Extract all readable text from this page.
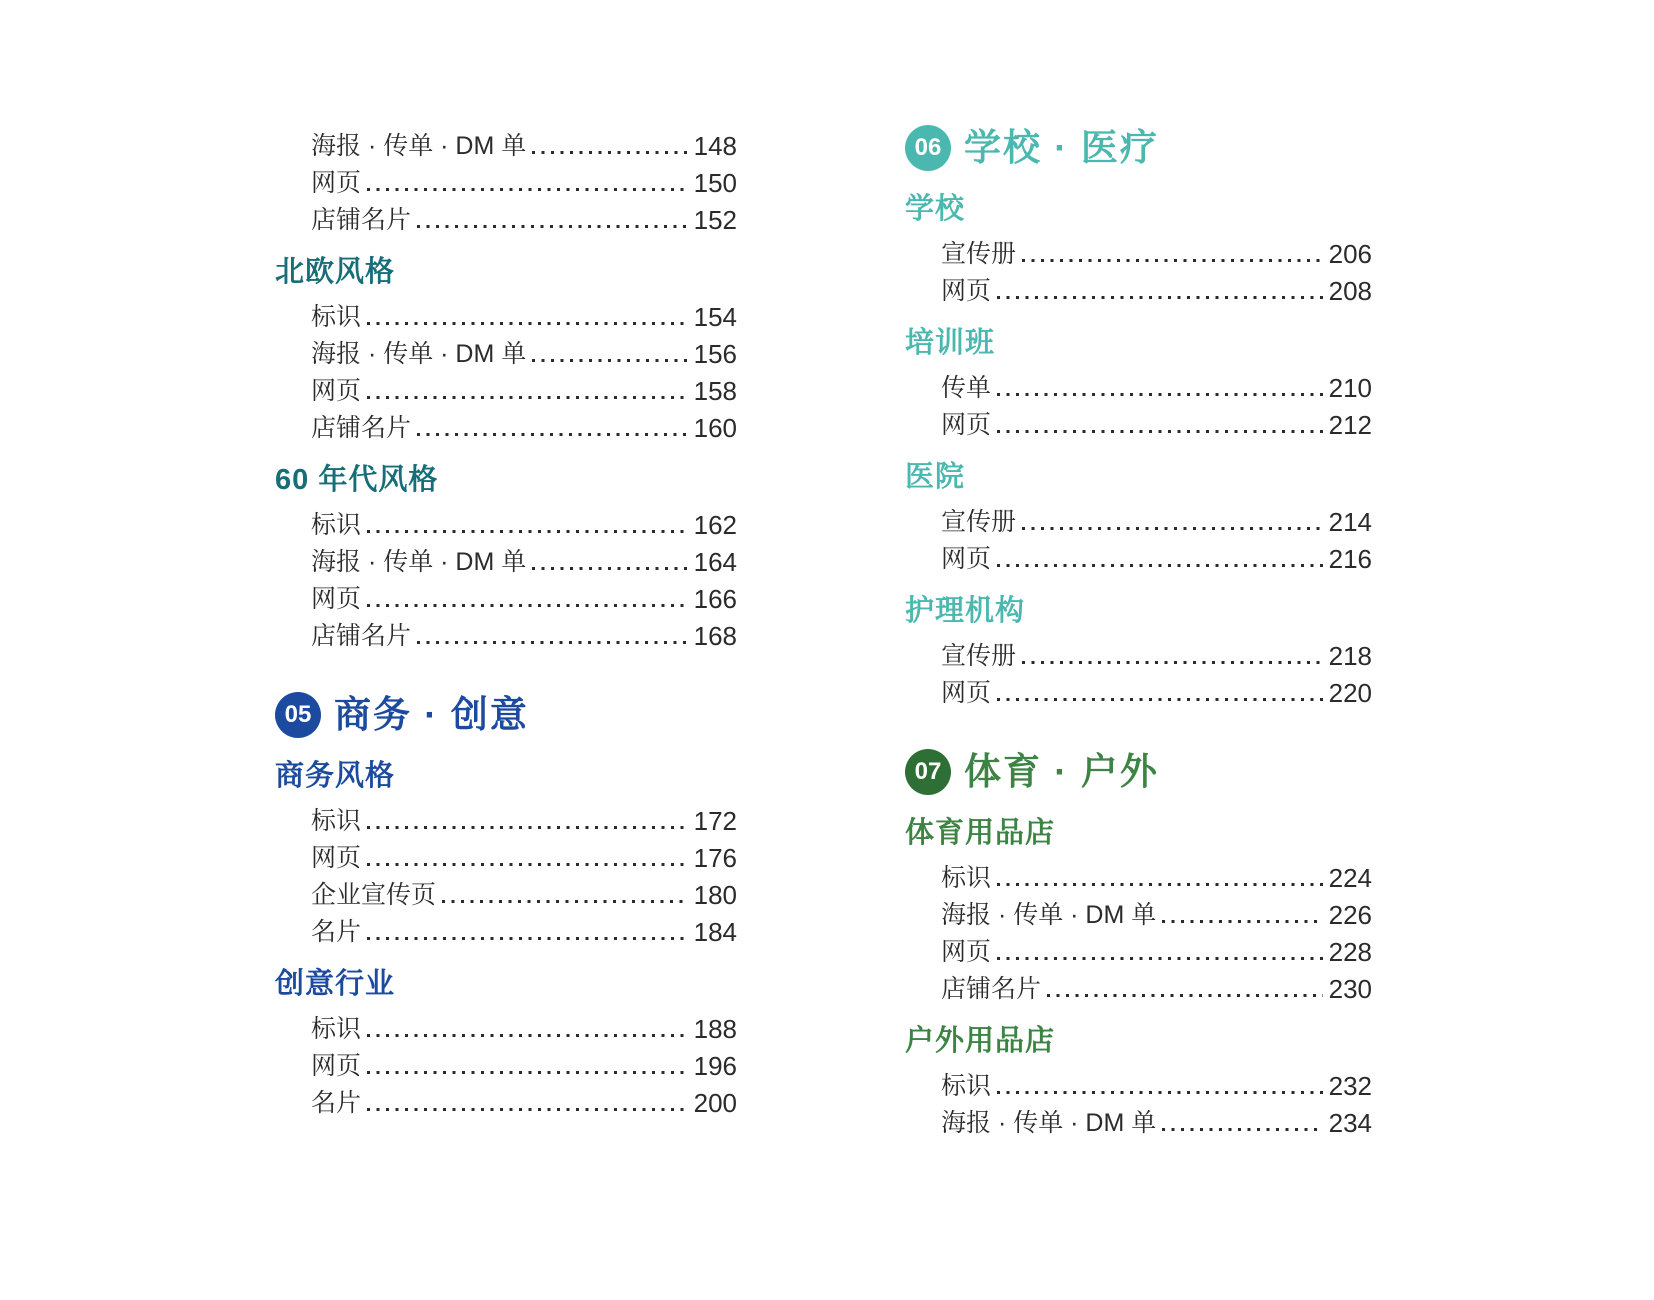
海报 · 传单 · DM 单	148
网页	150
店铺名片	152
北欧风格
标识	154
海报 · 传单 · DM 单	156
网页	158
店铺名片	160
60 年代风格
标识	162
海报 · 传单 · DM 单	164
网页	166
店铺名片	168
05 商务 · 创意
商务风格
标识	172
网页	176
企业宣传页	180
名片	184
创意行业
标识	188
网页	196
名片	200
06 学校 · 医疗
学校
宣传册	206
网页	208
培训班
传单	210
网页	212
医院
宣传册	214
网页	216
护理机构
宣传册	218
网页	220
07 体育 · 户外
体育用品店
标识	224
海报 · 传单 · DM 单	226
网页	228
店铺名片	230
户外用品店
标识	232
海报 · 传单 · DM 单	234
